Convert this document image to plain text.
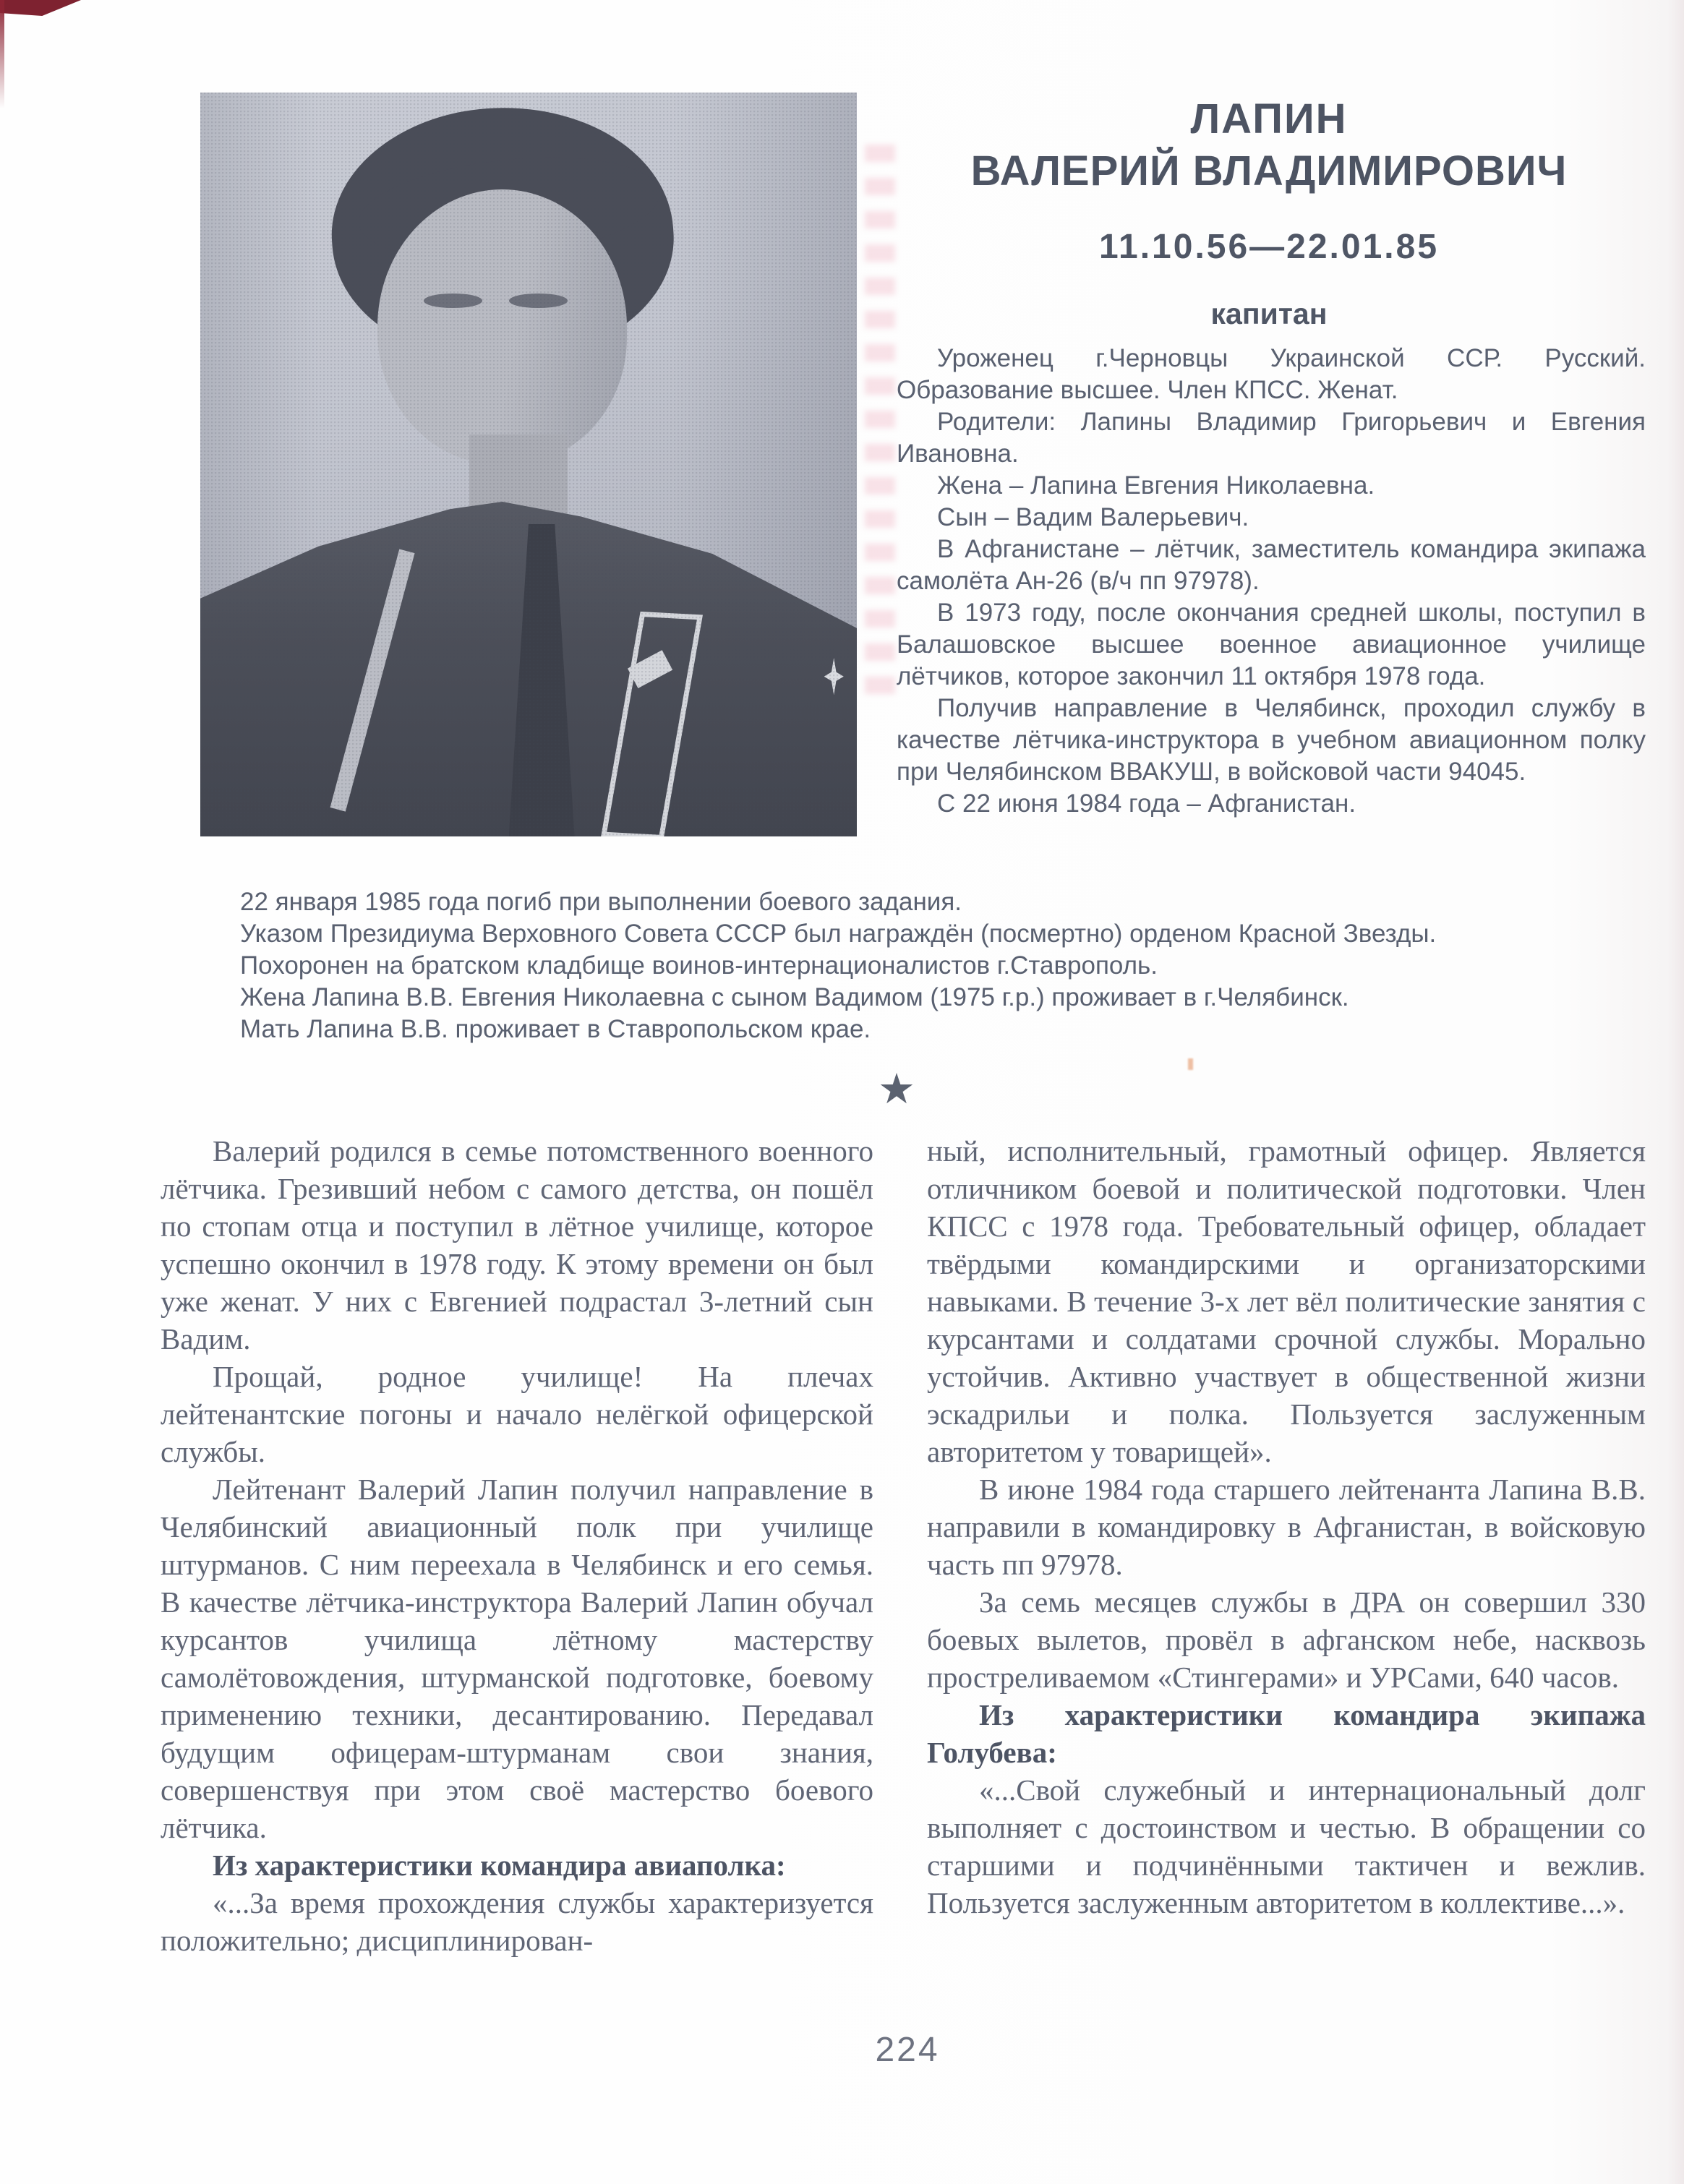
ЛАПИН
ВАЛЕРИЙ ВЛАДИМИРОВИЧ
11.10.56—22.01.85
капитан

Уроженец г.Черновцы Украинской ССР. Русский. Образование высшее. Член КПСС. Женат.

Родители: Лапины Владимир Григорьевич и Евгения Ивановна.

Жена – Лапина Евгения Николаевна.

Сын – Вадим Валерьевич.

В Афганистане – лётчик, заместитель командира экипажа самолёта Ан-26 (в/ч пп 97978).

В 1973 году, после окончания средней школы, поступил в Балашовское высшее военное авиационное училище лётчиков, которое закончил 11 октября 1978 года.

Получив направление в Челябинск, проходил службу в качестве лётчика-инструктора в учебном авиационном полку при Челябинском ВВАКУШ, в войсковой части 94045.

С 22 июня 1984 года – Афганистан.

22 января 1985 года погиб при выполнении боевого задания.

Указом Президиума Верховного Совета СССР был награждён (посмертно) орденом Красной Звезды.

Похоронен на братском кладбище воинов-интернационалистов г.Ставрополь.

Жена Лапина В.В. Евгения Николаевна с сыном Вадимом (1975 г.р.) проживает в г.Челябинск.

Мать Лапина В.В. проживает в Ставропольском крае.

★

Валерий родился в семье потомственного военного лётчика. Грезивший небом с самого детства, он пошёл по стопам отца и поступил в лётное училище, которое успешно окончил в 1978 году. К этому времени он был уже женат. У них с Евгенией подрастал 3-летний сын Вадим.

Прощай, родное училище! На плечах лейтенантские погоны и начало нелёгкой офицерской службы.

Лейтенант Валерий Лапин получил направление в Челябинский авиационный полк при училище штурманов. С ним переехала в Челябинск и его семья. В качестве лётчика-инструктора Валерий Лапин обучал курсантов училища лётному мастерству самолётовождения, штурманской подготовке, боевому применению техники, десантированию. Передавал будущим офицерам-штурманам свои знания, совершенствуя при этом своё мастерство боевого лётчика.

Из характеристики командира авиаполка:

«...За время прохождения службы характеризуется положительно; дисциплинирован-

ный, исполнительный, грамотный офицер. Является отличником боевой и политической подготовки. Член КПСС с 1978 года. Требовательный офицер, обладает твёрдыми командирскими и организаторскими навыками. В течение 3-х лет вёл политические занятия с курсантами и солдатами срочной службы. Морально устойчив. Активно участвует в общественной жизни эскадрильи и полка. Пользуется заслуженным авторитетом у товарищей».

В июне 1984 года старшего лейтенанта Лапина В.В. направили в командировку в Афганистан, в войсковую часть пп 97978.

За семь месяцев службы в ДРА он совершил 330 боевых вылетов, провёл в афганском небе, насквозь простреливаемом «Стингерами» и УРСами, 640 часов.

Из характеристики командира экипажа Голубева:

«...Свой служебный и интернациональный долг выполняет с достоинством и честью. В обращении со старшими и подчинёнными тактичен и вежлив. Пользуется заслуженным авторитетом в коллективе...».

224
